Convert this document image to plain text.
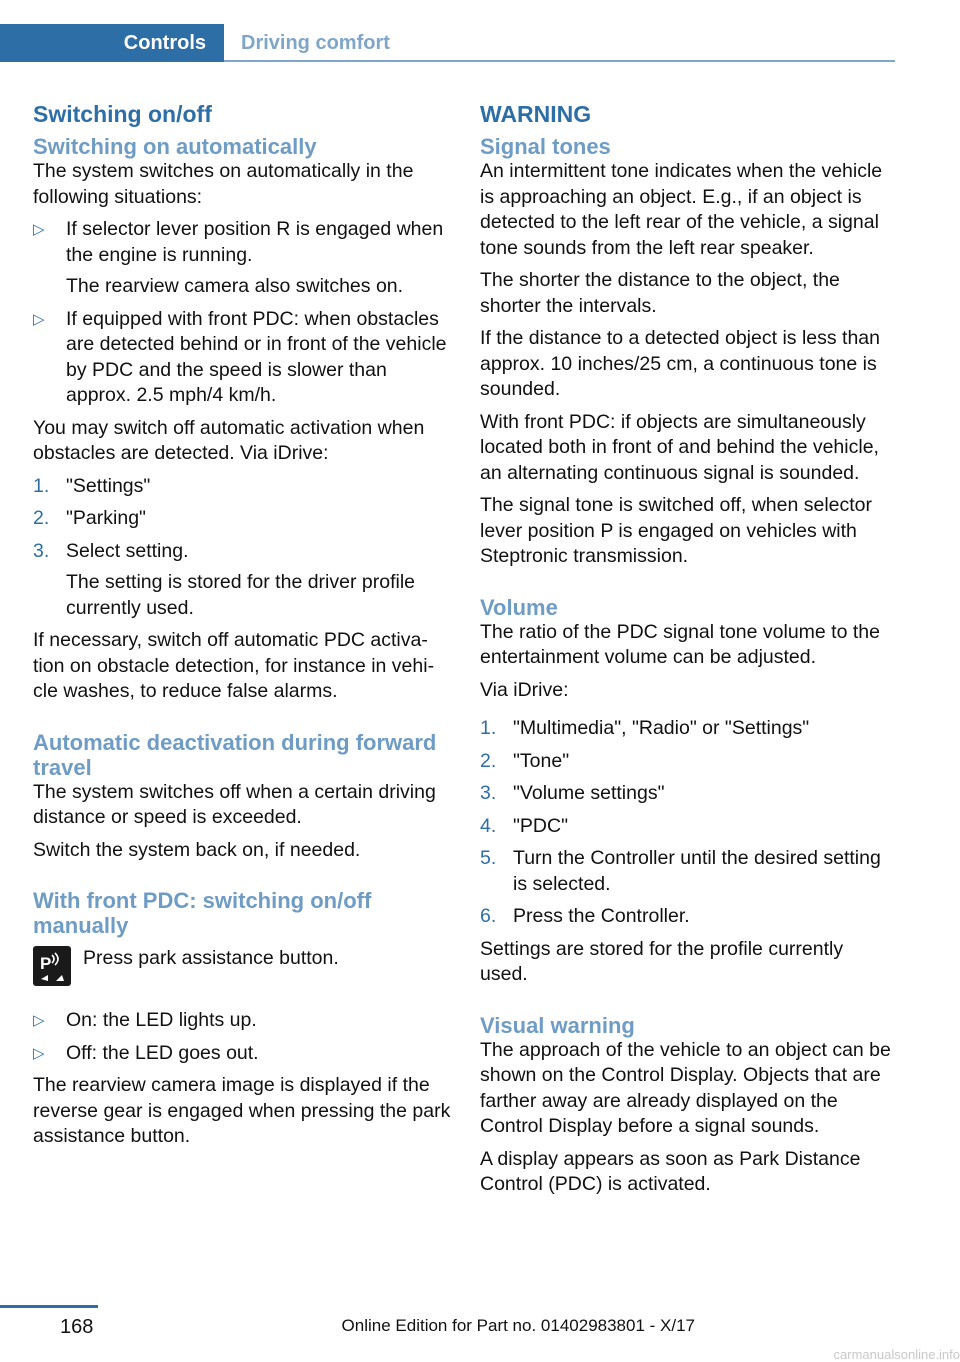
Controls Driving comfort
Switching on/off
Switching on automatically

The system switches on automatically in the following situations:

▷ If selector lever position R is engaged when the engine is running.
The rearview camera also switches on.
▷ If equipped with front PDC: when obstacles are detected behind or in front of the vehicle by PDC and the speed is slower than approx. 2.5 mph/4 km/h.

You may switch off automatic activation when obstacles are detected. Via iDrive:

1. "Settings"
2. "Parking"
3. Select setting.
The setting is stored for the driver profile currently used.

If necessary, switch off automatic PDC activation on obstacle detection, for instance in vehicle washes, to reduce false alarms.

Automatic deactivation during forward travel

The system switches off when a certain driving distance or speed is exceeded.

Switch the system back on, if needed.

With front PDC: switching on/off manually
P Press park assistance button.
▷ On: the LED lights up.
▷ Off: the LED goes out.

The rearview camera image is displayed if the reverse gear is engaged when pressing the park assistance button.

WARNING
Signal tones

An intermittent tone indicates when the vehicle is approaching an object. E.g., if an object is detected to the left rear of the vehicle, a signal tone sounds from the left rear speaker.

The shorter the distance to the object, the shorter the intervals.

If the distance to a detected object is less than approx. 10 inches/25 cm, a continuous tone is sounded.

With front PDC: if objects are simultaneously located both in front of and behind the vehicle, an alternating continuous signal is sounded.

The signal tone is switched off, when selector lever position P is engaged on vehicles with Steptronic transmission.

Volume

The ratio of the PDC signal tone volume to the entertainment volume can be adjusted.

Via iDrive:

1. "Multimedia", "Radio" or "Settings"
2. "Tone"
3. "Volume settings"
4. "PDC"
5. Turn the Controller until the desired setting is selected.
6. Press the Controller.

Settings are stored for the profile currently used.

Visual warning

The approach of the vehicle to an object can be shown on the Control Display. Objects that are farther away are already displayed on the Control Display before a signal sounds.

A display appears as soon as Park Distance Control (PDC) is activated.

168	Online Edition for Part no. 01402983801 - X/17
carmanualsonline.info
